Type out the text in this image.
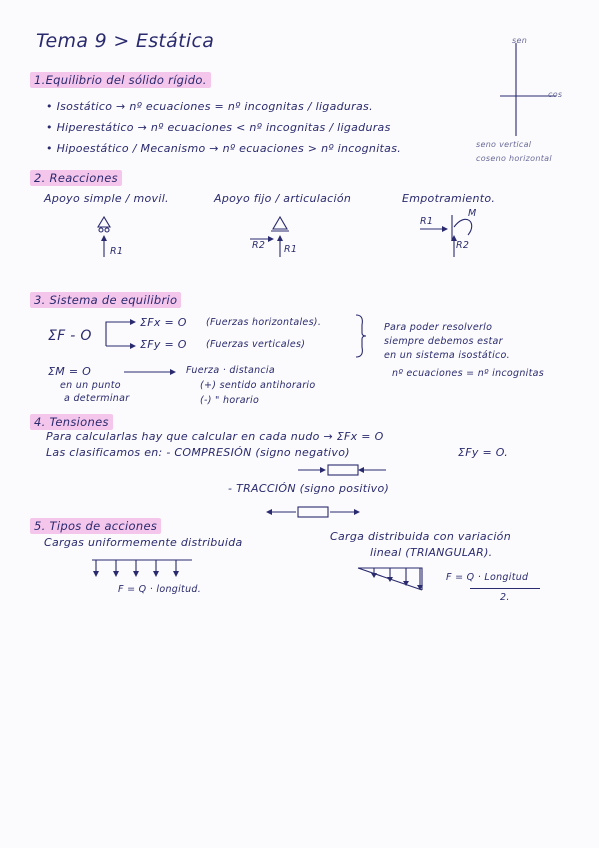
Tema 9 > Estática	sen
cos
1.Equilibrio del sólido rígido.
• Isostático → nº ecuaciones = nº incognitas / ligaduras.
• Hiperestático → nº ecuaciones < nº incognitas / ligaduras
• Hipoestático / Mecanismo → nº ecuaciones > nº incognitas.	seno vertical
coseno horizontal
2. Reacciones
Apoyo simple / movil.	Apoyo fijo / articulación	Empotramiento.
R1
R2 R1
R1
M
R2
3. Sistema de equilibrio
ΣF - O
ΣFx = O (Fuerzas horizontales).
ΣFy = O (Fuerzas verticales)
ΣM = O	Fuerza · distancia
en un punto
a determinar
(+) sentido antihorario
(-) " horario
Para poder resolverlo
siempre debemos estar
en un sistema isostático.
nº ecuaciones = nº incognitas
4. Tensiones
Para calcularlas hay que calcular en cada nudo → ΣFx = O
ΣFy = O.
Las clasificamos en: - COMPRESIÓN (signo negativo)
- TRACCIÓN (signo positivo)
5. Tipos de acciones
Cargas uniformemente distribuida	Carga distribuida con variación
lineal (TRIANGULAR).
F = Q · longitud.
F = Q · Longitud
2.
